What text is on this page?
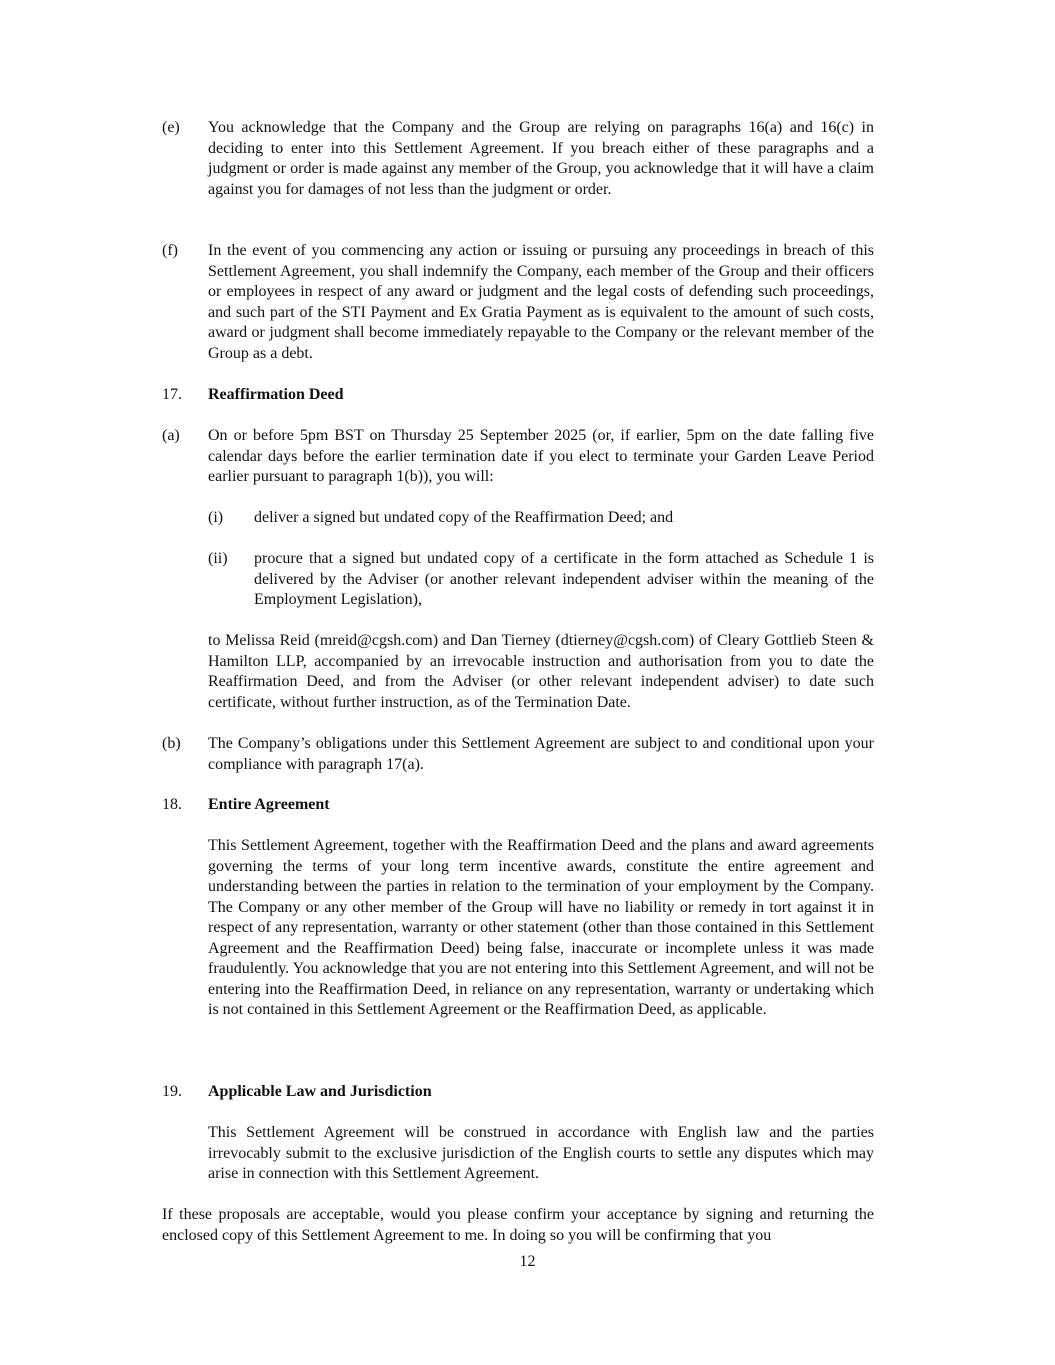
(e) You acknowledge that the Company and the Group are relying on paragraphs 16(a) and 16(c) in deciding to enter into this Settlement Agreement. If you breach either of these paragraphs and a judgment or order is made against any member of the Group, you acknowledge that it will have a claim against you for damages of not less than the judgment or order.

(f) In the event of you commencing any action or issuing or pursuing any proceedings in breach of this Settlement Agreement, you shall indemnify the Company, each member of the Group and their officers or employees in respect of any award or judgment and the legal costs of defending such proceedings, and such part of the STI Payment and Ex Gratia Payment as is equivalent to the amount of such costs, award or judgment shall become immediately repayable to the Company or the relevant member of the Group as a debt.

17. Reaffirmation Deed
(a) On or before 5pm BST on Thursday 25 September 2025 (or, if earlier, 5pm on the date falling five calendar days before the earlier termination date if you elect to terminate your Garden Leave Period earlier pursuant to paragraph 1(b)), you will:

(i) deliver a signed but undated copy of the Reaffirmation Deed; and

(ii) procure that a signed but undated copy of a certificate in the form attached as Schedule 1 is delivered by the Adviser (or another relevant independent adviser within the meaning of the Employment Legislation),

to Melissa Reid (mreid@cgsh.com) and Dan Tierney (dtierney@cgsh.com) of Cleary Gottlieb Steen & Hamilton LLP, accompanied by an irrevocable instruction and authorisation from you to date the Reaffirmation Deed, and from the Adviser (or other relevant independent adviser) to date such certificate, without further instruction, as of the Termination Date.

(b) The Company’s obligations under this Settlement Agreement are subject to and conditional upon your compliance with paragraph 17(a).

18. Entire Agreement

This Settlement Agreement, together with the Reaffirmation Deed and the plans and award agreements governing the terms of your long term incentive awards, constitute the entire agreement and understanding between the parties in relation to the termination of your employment by the Company. The Company or any other member of the Group will have no liability or remedy in tort against it in respect of any representation, warranty or other statement (other than those contained in this Settlement Agreement and the Reaffirmation Deed) being false, inaccurate or incomplete unless it was made fraudulently. You acknowledge that you are not entering into this Settlement Agreement, and will not be entering into the Reaffirmation Deed, in reliance on any representation, warranty or undertaking which is not contained in this Settlement Agreement or the Reaffirmation Deed, as applicable.

19. Applicable Law and Jurisdiction

This Settlement Agreement will be construed in accordance with English law and the parties irrevocably submit to the exclusive jurisdiction of the English courts to settle any disputes which may arise in connection with this Settlement Agreement.

If these proposals are acceptable, would you please confirm your acceptance by signing and returning the enclosed copy of this Settlement Agreement to me. In doing so you will be confirming that you

12
